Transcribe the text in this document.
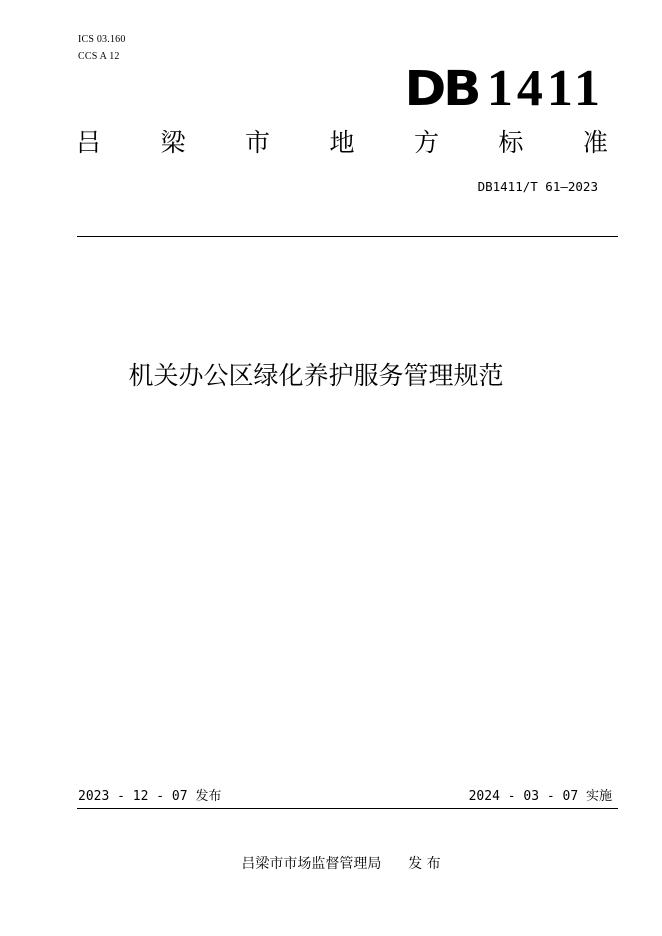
ICS 03.160
CCS A 12
DB 1411
吕 梁 市 地 方 标 准
DB1411/T 61—2023
机关办公区绿化养护服务管理规范
2023 - 12 - 07 发布	2024 - 03 - 07 实施
吕梁市市场监督管理局 发 布
